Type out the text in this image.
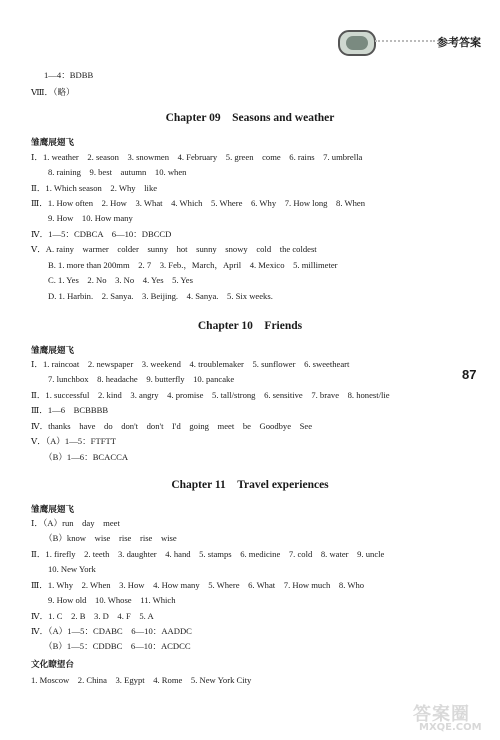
参考答案
87
1—4：BDBB
Ⅷ．（略）
Chapter 09　Seasons and weather
雏鹰展翅飞
Ⅰ．1. weather　2. season　3. snowmen　4. February　5. green　come　6. rains　7. umbrella
8. raining　9. best　autumn　10. when
Ⅱ．1. Which season　2. Why　like
Ⅲ．1. How often　2. How　3. What　4. Which　5. Where　6. Why　7. How long　8. When
9. How　10. How many
Ⅳ．1—5：CDBCA　6—10：DBCCD
Ⅴ．A. rainy　warmer　colder　sunny　hot　sunny　snowy　cold　the coldest
B. 1. more than 200mm　2. 7　3. Feb.，March，April　4. Mexico　5. millimeter
C. 1. Yes　2. No　3. No　4. Yes　5. Yes
D. 1. Harbin.　2. Sanya.　3. Beijing.　4. Sanya.　5. Six weeks.
Chapter 10　Friends
雏鹰展翅飞
Ⅰ．1. raincoat　2. newspaper　3. weekend　4. troublemaker　5. sunflower　6. sweetheart
7. lunchbox　8. headache　9. butterfly　10. pancake
Ⅱ．1. successful　2. kind　3. angry　4. promise　5. tall/strong　6. sensitive　7. brave　8. honest/lie
Ⅲ．1—6　BCBBBB
Ⅳ．thanks　have　do　don't　don't　I'd　going　meet　be　Goodbye　See
Ⅴ．（A）1—5：FTFTT
（B）1—6：BCACCA
Chapter 11　Travel experiences
雏鹰展翅飞
Ⅰ．（A）run　day　meet
（B）know　wise　rise　rise　wise
Ⅱ．1. firefly　2. teeth　3. daughter　4. hand　5. stamps　6. medicine　7. cold　8. water　9. uncle
10. New York
Ⅲ．1. Why　2. When　3. How　4. How many　5. Where　6. What　7. How much　8. Who
9. How old　10. Whose　11. Which
Ⅳ．1. C　2. B　3. D　4. F　5. A
Ⅳ．（A）1—5：CDABC　6—10：AADDC
（B）1—5：CDDBC　6—10：ACDCC
文化瞭望台
1. Moscow　2. China　3. Egypt　4. Rome　5. New York City
答案圈
MXQE.COM
